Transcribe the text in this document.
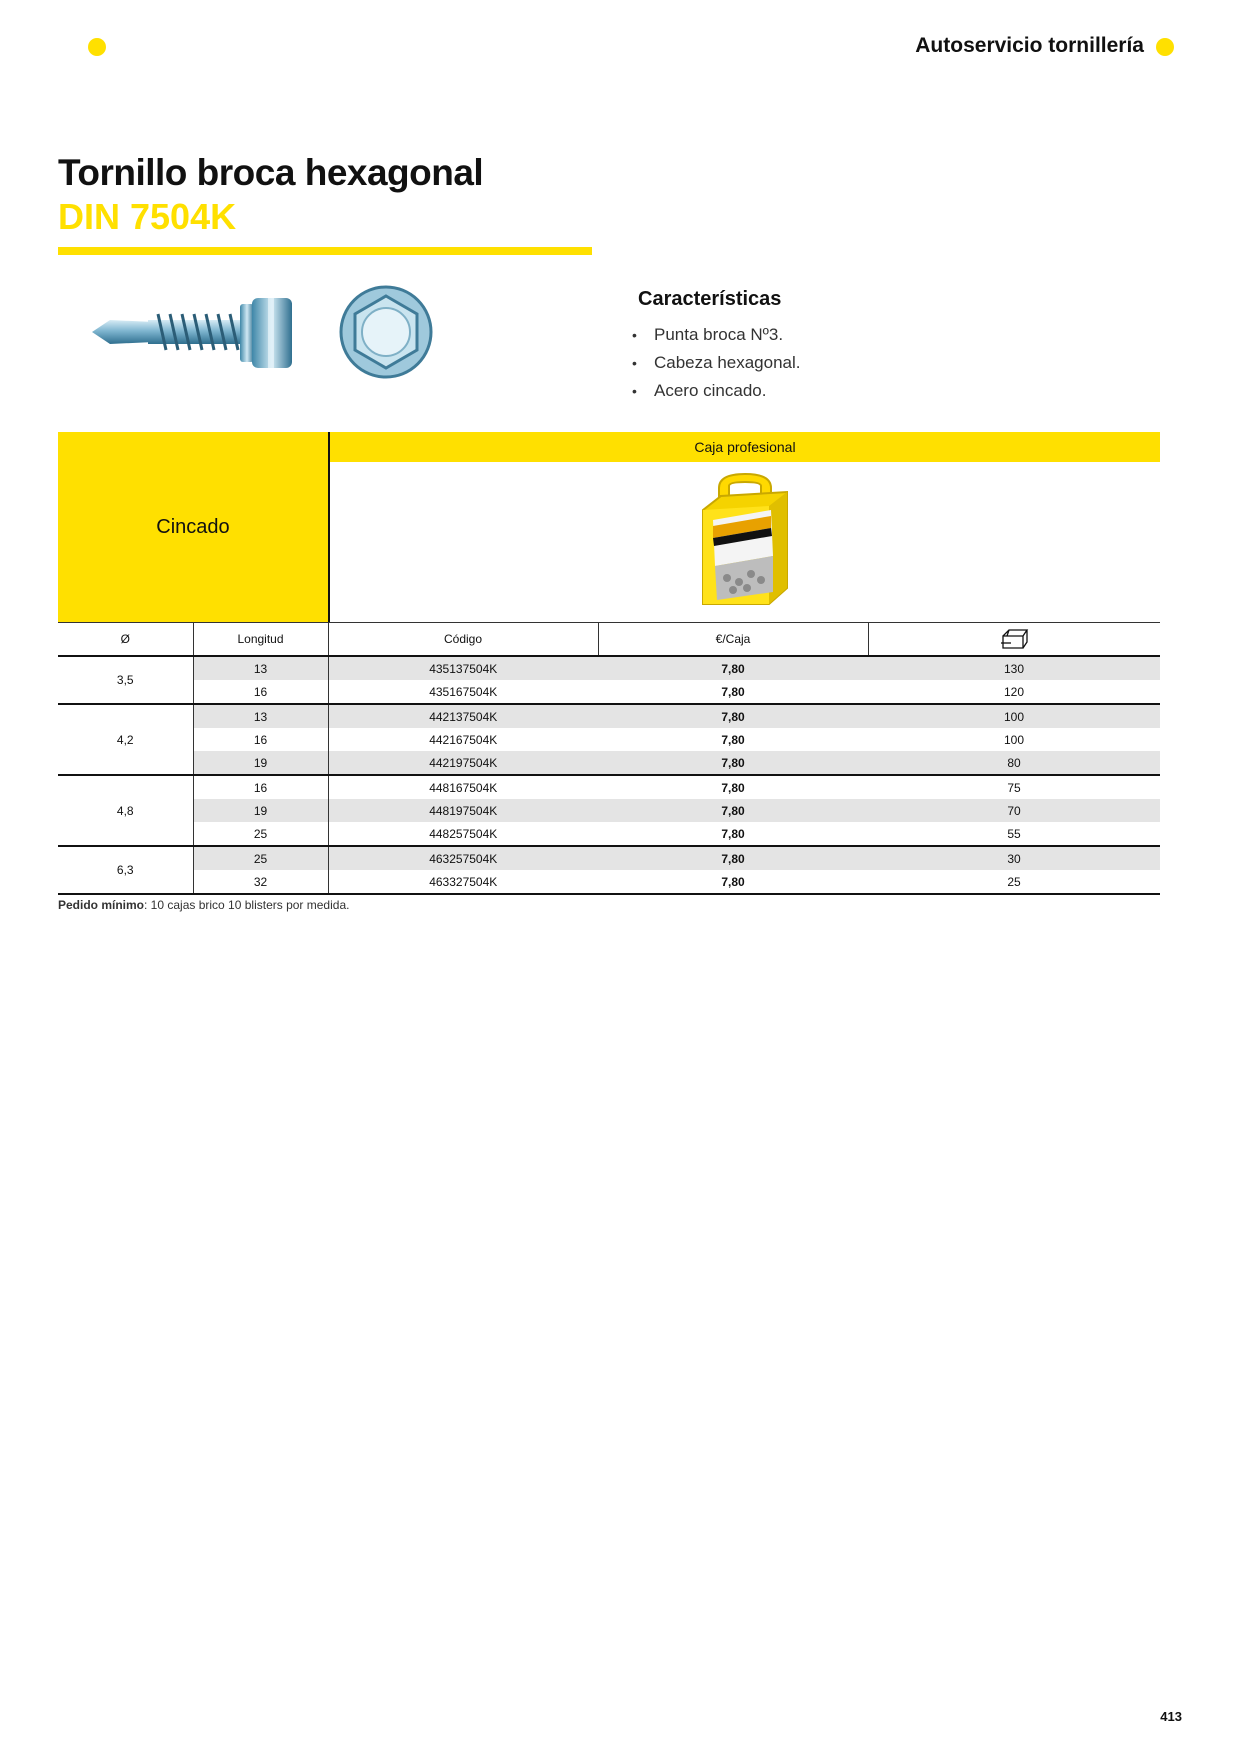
Autoservicio tornillería
Tornillo broca hexagonal
DIN 7504K
Características
• Punta broca Nº3.
• Cabeza hexagonal.
• Acero cincado.
Cincado
Caja profesional
Ø	Longitud	Código	€/Caja	
3,5	13	435137504K	7,80	130
	16	435167504K	7,80	120
4,2	13	442137504K	7,80	100
	16	442167504K	7,80	100
	19	442197504K	7,80	80
4,8	16	448167504K	7,80	75
	19	448197504K	7,80	70
	25	448257504K	7,80	55
6,3	25	463257504K	7,80	30
	32	463327504K	7,80	25
Pedido mínimo: 10 cajas brico 10 blisters por medida.
413
